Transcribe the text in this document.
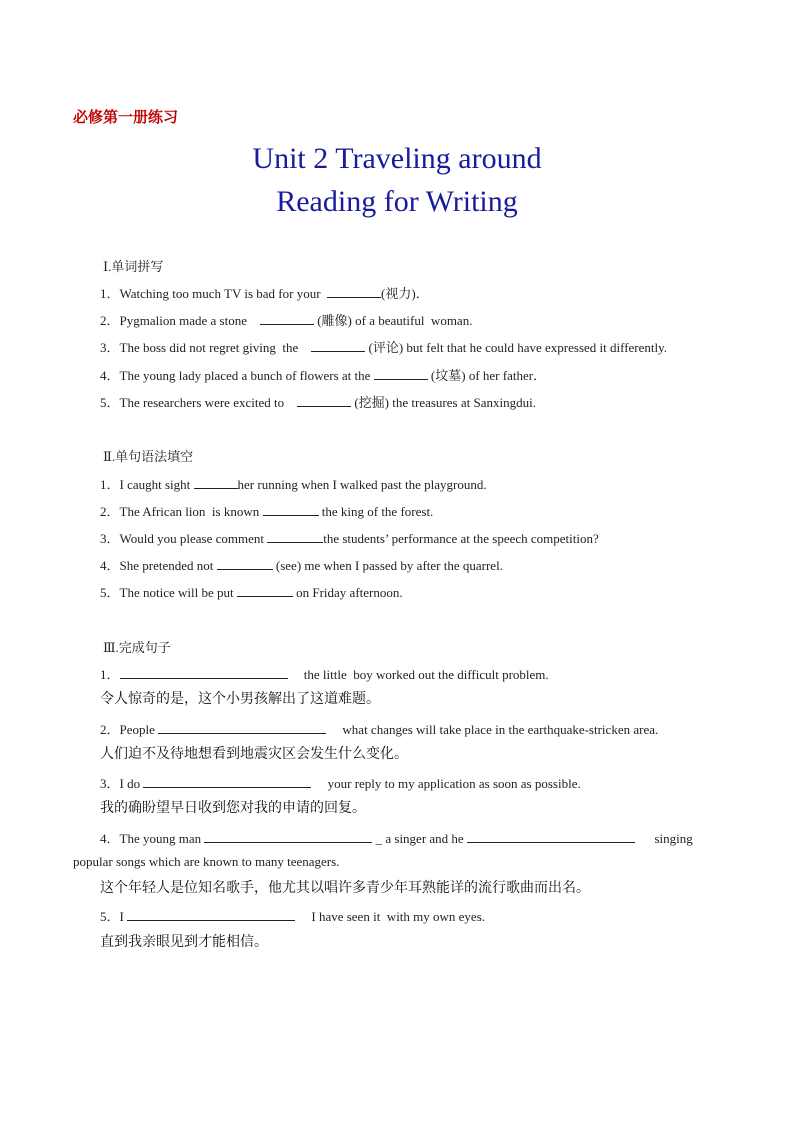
必修第一册练习
Unit 2 Traveling around
Reading for Writing
Ⅰ.单词拼写
1．Watching too much TV is bad for your	(视力)．
2．Pygmalion made a stone	(雕像) of a beautiful  woman.
3．The boss did not regret giving  the	(评论) but felt that he could have expressed it differently.
4．The young lady placed a bunch of flowers at the	(坟墓) of her father．
5．The researchers were excited to	(挖掘) the treasures at Sanxingdui.
Ⅱ.单句语法填空
1．I caught sight	her running when I walked past the playground.
2．The African lion  is known	the king of the forest.
3．Would you please comment	the students’ performance at the speech competition?
4．She pretended not	(see) me when I passed by after the quarrel.
5．The notice will be put	on Friday afternoon.
Ⅲ.完成句子
1．	the little  boy worked out the difficult problem.
令人惊奇的是，这个小男孩解出了这道难题。
2．People	what changes will take place in the earthquake-stricken area.
人们迫不及待地想看到地震灾区会发生什么变化。
3．I do	your reply to my application as soon as possible.
我的确盼望早日收到您对我的申请的回复。
4．The young man	_ a singer and he	singing
popular songs which are known to many teenagers.
这个年轻人是位知名歌手，他尤其以唱许多青少年耳熟能详的流行歌曲而出名。
5．I	I have seen it  with my own eyes.
直到我亲眼见到才能相信。
